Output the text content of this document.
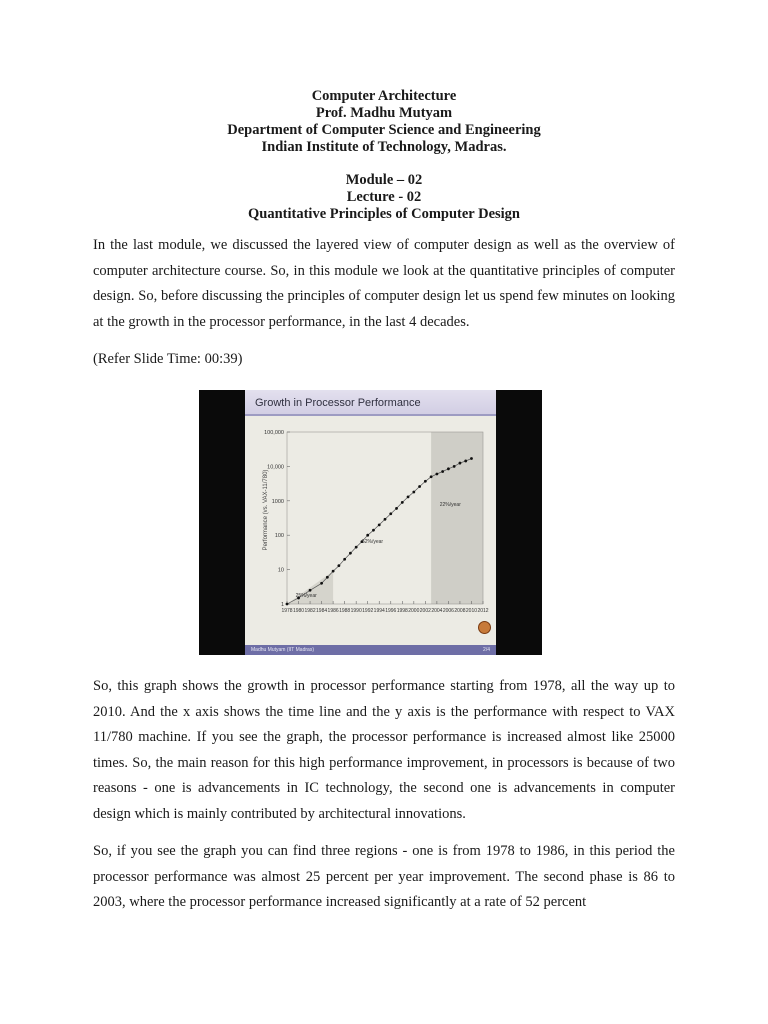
Computer Architecture
Prof. Madhu Mutyam
Department of Computer Science and Engineering
Indian Institute of Technology, Madras.
Module – 02
Lecture - 02
Quantitative Principles of Computer Design

In the last module, we discussed the layered view of computer design as well as the overview of computer architecture course. So, in this module we look at the quantitative principles of computer design. So, before discussing the principles of computer design let us spend few minutes on looking at the growth in the processor performance, in the last 4 decades.

(Refer Slide Time: 00:39)

Growth in Processor Performance
Performance (vs. VAX-11/780)
1
10
100
1000
10,000
100,000
1978 1980 1982 1984 1986 1988 1990 1992 1994 1996 1998 2000 2002 2004 2006 2008 2010 2012
25%/year
52%/year
22%/year
Madhu Mutyam (IIT Madras)	2/4

So, this graph shows the growth in processor performance starting from 1978, all the way up to 2010. And the x axis shows the time line and the y axis is the performance with respect to VAX 11/780 machine. If you see the graph, the processor performance is increased almost like 25000 times. So, the main reason for this high performance improvement, in processors is because of two reasons - one is advancements in IC technology, the second one is advancements in computer design which is mainly contributed by architectural innovations.

So, if you see the graph you can find three regions - one is from 1978 to 1986, in this period the processor performance was almost 25 percent per year improvement. The second phase is 86 to 2003, where the processor performance increased significantly at a rate of 52 percent
